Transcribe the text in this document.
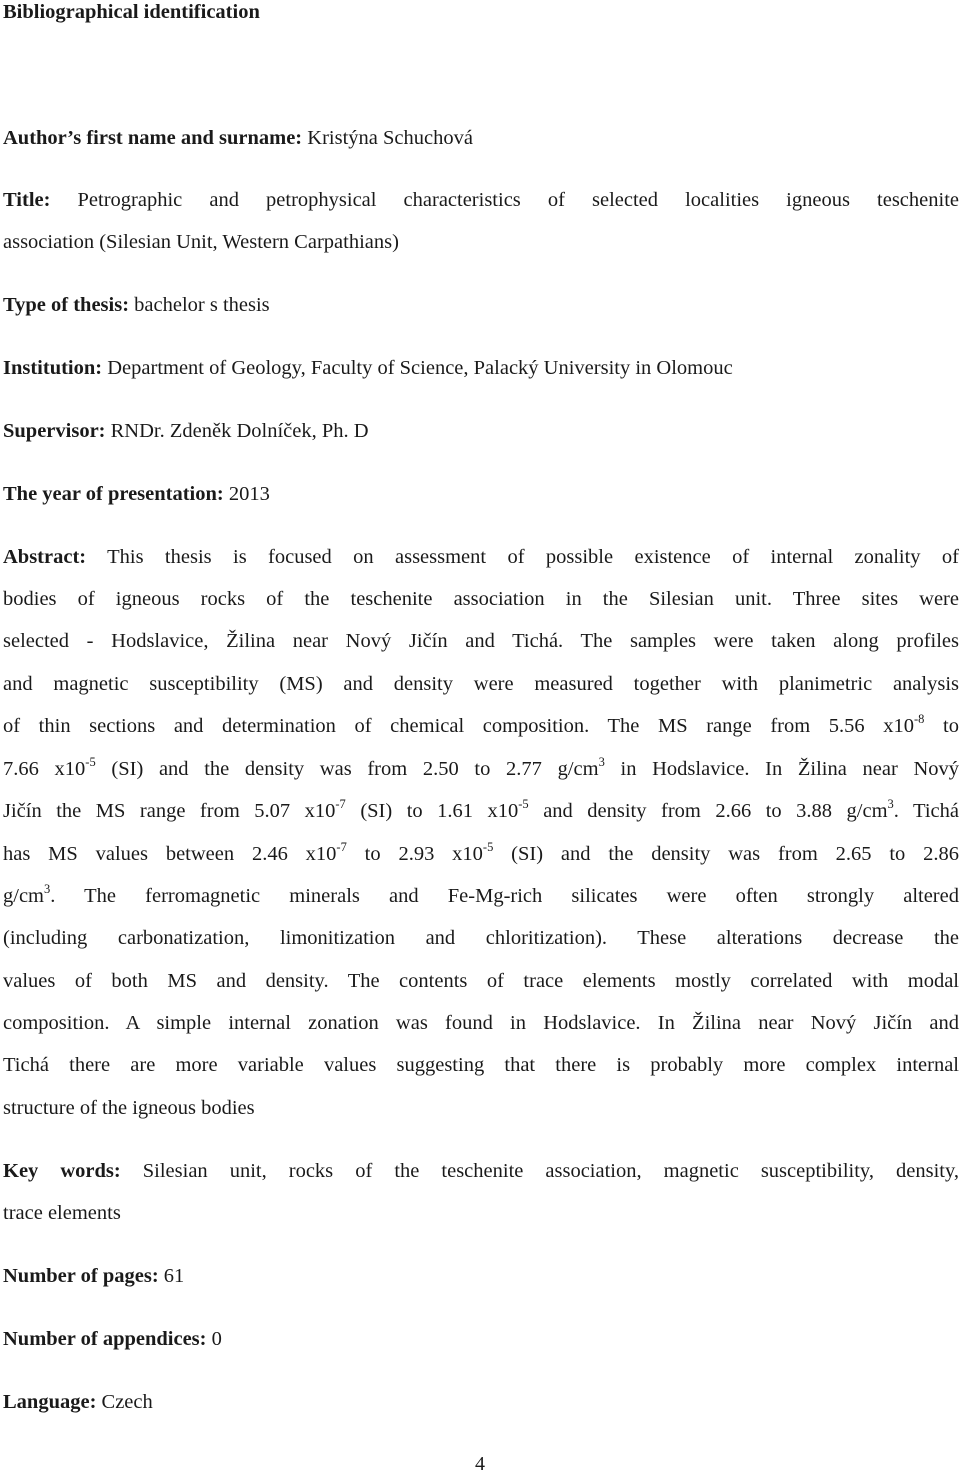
Bibliographical identification
Author’s first name and surname: Kristýna Schuchová
Title: Petrographic and petrophysical characteristics of selected localities igneous teschenite
association (Silesian Unit, Western Carpathians)
Type of thesis: bachelor s thesis
Institution: Department of Geology, Faculty of Science, Palacký University in Olomouc
Supervisor: RNDr. Zdeněk Dolníček, Ph. D
The year of presentation: 2013
Abstract: This thesis is focused on assessment of possible existence of internal zonality of
bodies of igneous rocks of the teschenite association in the Silesian unit. Three sites were
selected - Hodslavice, Žilina near Nový Jičín and Tichá. The samples were taken along profiles
and magnetic susceptibility (MS) and density were measured together with planimetric analysis
of thin sections and determination of chemical composition. The MS range from 5.56 $x10^{-8}$ to
7.66 $x10^{-5}$ (SI) and the density was from 2.50 to 2.77 $g/cm^3$ in Hodslavice. In Žilina near Nový
Jičín the MS range from 5.07 $x10^{-7}$ (SI) to 1.61 $x10^{-5}$ and density from 2.66 to 3.88 $g/cm^3$. Tichá
has MS values between 2.46 $x10^{-7}$ to 2.93 $x10^{-5}$ (SI) and the density was from 2.65 to 2.86
$g/cm^3$. The ferromagnetic minerals and Fe-Mg-rich silicates were often strongly altered
(including carbonatization, limonitization and chloritization). These alterations decrease the
values of both MS and density. The contents of trace elements mostly correlated with modal
composition. A simple internal zonation was found in Hodslavice. In Žilina near Nový Jičín and
Tichá there are more variable values suggesting that there is probably more complex internal
structure of the igneous bodies
Key words: Silesian unit, rocks of the teschenite association, magnetic susceptibility, density,
trace elements
Number of pages: 61
Number of appendices: 0
Language: Czech
4
